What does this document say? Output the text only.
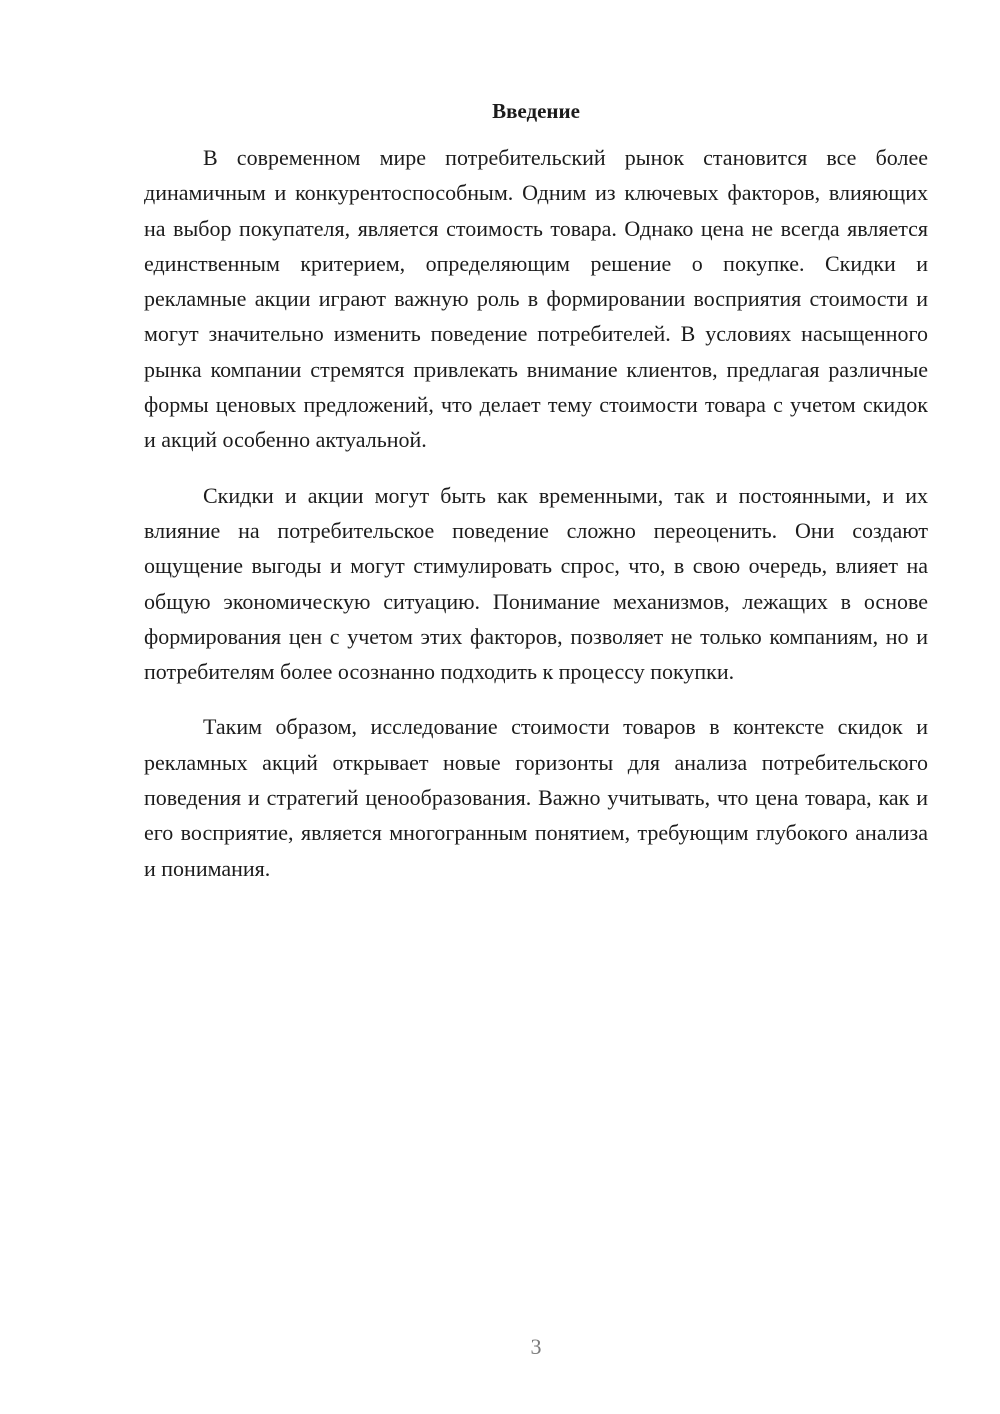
Введение

В современном мире потребительский рынок становится все более динамичным и конкурентоспособным. Одним из ключевых факторов, влияющих на выбор покупателя, является стоимость товара. Однако цена не всегда является единственным критерием, определяющим решение о покупке. Скидки и рекламные акции играют важную роль в формировании восприятия стоимости и могут значительно изменить поведение потребителей. В условиях насыщенного рынка компании стремятся привлекать внимание клиентов, предлагая различные формы ценовых предложений, что делает тему стоимости товара с учетом скидок и акций особенно актуальной.

Скидки и акции могут быть как временными, так и постоянными, и их влияние на потребительское поведение сложно переоценить. Они создают ощущение выгоды и могут стимулировать спрос, что, в свою очередь, влияет на общую экономическую ситуацию. Понимание механизмов, лежащих в основе формирования цен с учетом этих факторов, позволяет не только компаниям, но и потребителям более осознанно подходить к процессу покупки.

Таким образом, исследование стоимости товаров в контексте скидок и рекламных акций открывает новые горизонты для анализа потребительского поведения и стратегий ценообразования. Важно учитывать, что цена товара, как и его восприятие, является многогранным понятием, требующим глубокого анализа и понимания.

3
